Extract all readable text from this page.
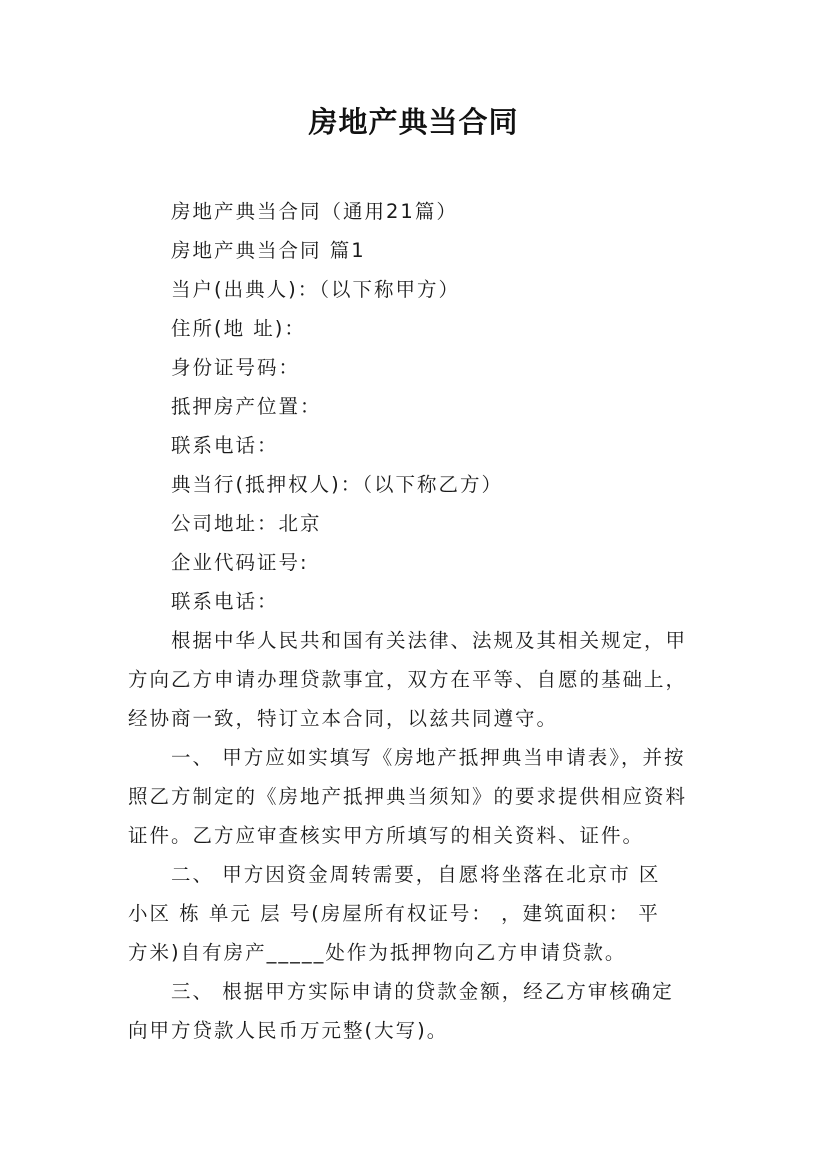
房地产典当合同

房地产典当合同（通用21篇）

房地产典当合同 篇1

当户(出典人)：（以下称甲方）

住所(地 址)：

身份证号码：

抵押房产位置：

联系电话：

典当行(抵押权人)：（以下称乙方）

公司地址：北京

企业代码证号:

联系电话：

根据中华人民共和国有关法律、法规及其相关规定，甲
方向乙方申请办理贷款事宜，双方在平等、自愿的基础上，
经协商一致，特订立本合同，以兹共同遵守。

一、 甲方应如实填写《房地产抵押典当申请表》，并按
照乙方制定的《房地产抵押典当须知》的要求提供相应资料
证件。乙方应审查核实甲方所填写的相关资料、证件。

二、 甲方因资金周转需要，自愿将坐落在北京市 区
小区 栋 单元 层 号(房屋所有权证号： ，建筑面积： 平
方米)自有房产_____处作为抵押物向乙方申请贷款。

三、 根据甲方实际申请的贷款金额，经乙方审核确定
向甲方贷款人民币万元整(大写)。
